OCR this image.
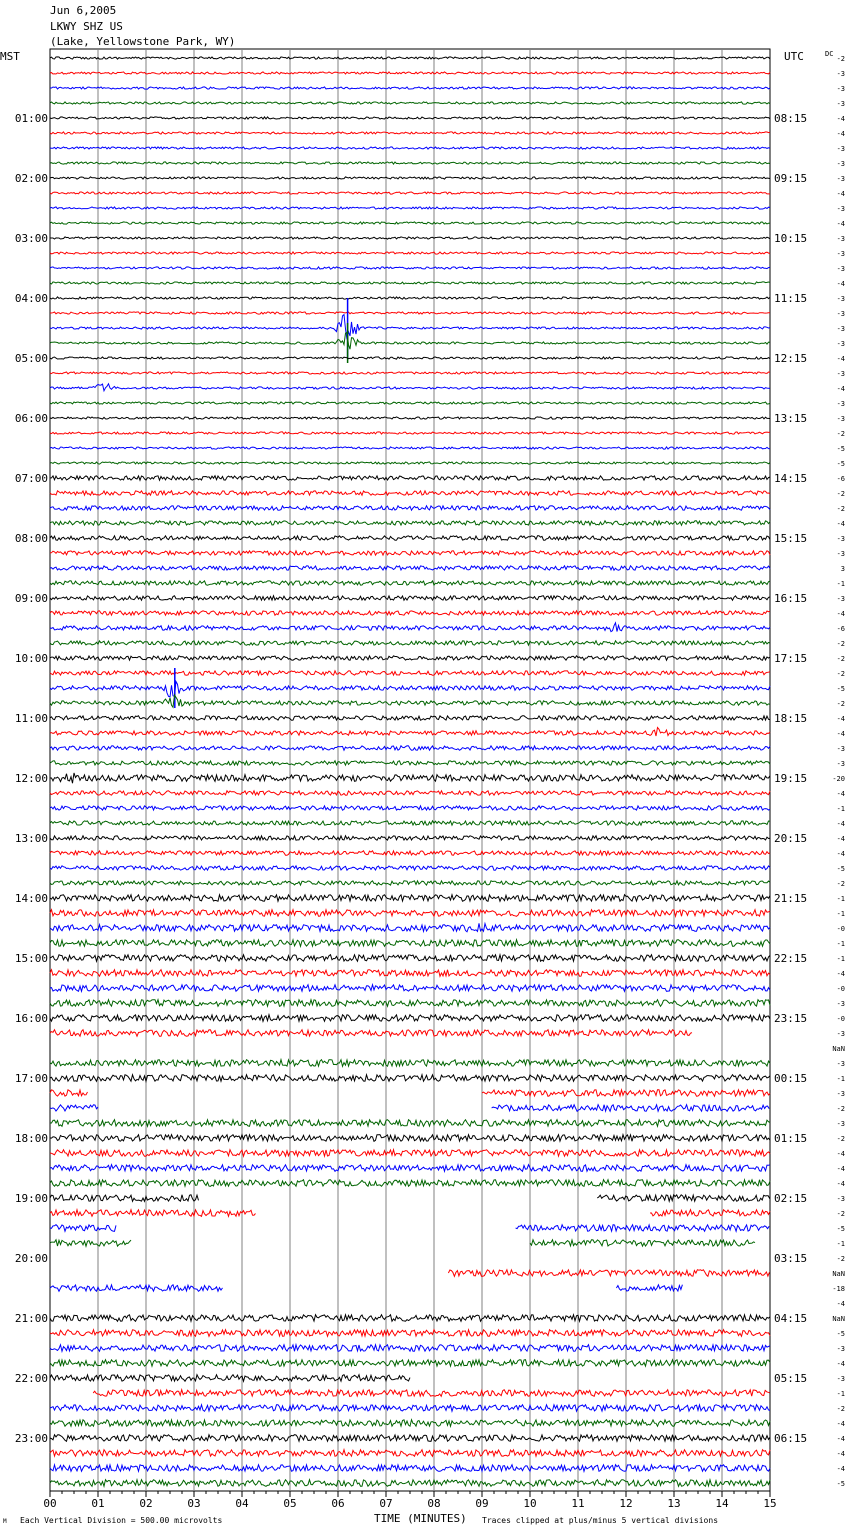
Jun 6,2005
LKWY SHZ US
(Lake, Yellowstone Park, WY)
00	01	02	03	04	05	06	07	08	09	10	11	12	13	14	15
MST	UTC	DC
01:00
02:00
03:00
04:00
05:00
06:00
07:00
08:00
09:00
10:00
11:00
12:00
13:00
14:00
15:00
16:00
17:00
18:00
19:00
20:00
21:00
22:00
23:00
08:15
09:15
10:15
11:15
12:15
13:15
14:15
15:15
16:15
17:15
18:15
19:15
20:15
21:15
22:15
23:15
00:15
01:15
02:15
03:15
04:15
05:15
06:15
-2
-3
-3
-3
-4
-4
-3
-3
-3
-4
-3
-4
-3
-3
-3
-4
-3
-3
-3
-3
-4
-3
-4
-3
-3
-2
-5
-5
-6
-2
-2
-4
-3
-3
3
-1
-3
-4
-6
-2
-2
-2
-5
-2
-4
-4
-3
-3
-20
-4
-1
-4
-4
-4
-5
-2
-1
-1
-0
-1
-1
-4
-0
-3
-0
-3
NaN
-3
-1
-3
-2
-3
-2
-4
-4
-4
-3
-2
-5
-1
-2
NaN
-18
-4
NaN
-5
-3
-4
-3
-1
-2
-4
-4
-4
-4
-5
M Each Vertical Division = 500.00 microvolts	TIME (MINUTES) Traces clipped at plus/minus 5 vertical divisions
